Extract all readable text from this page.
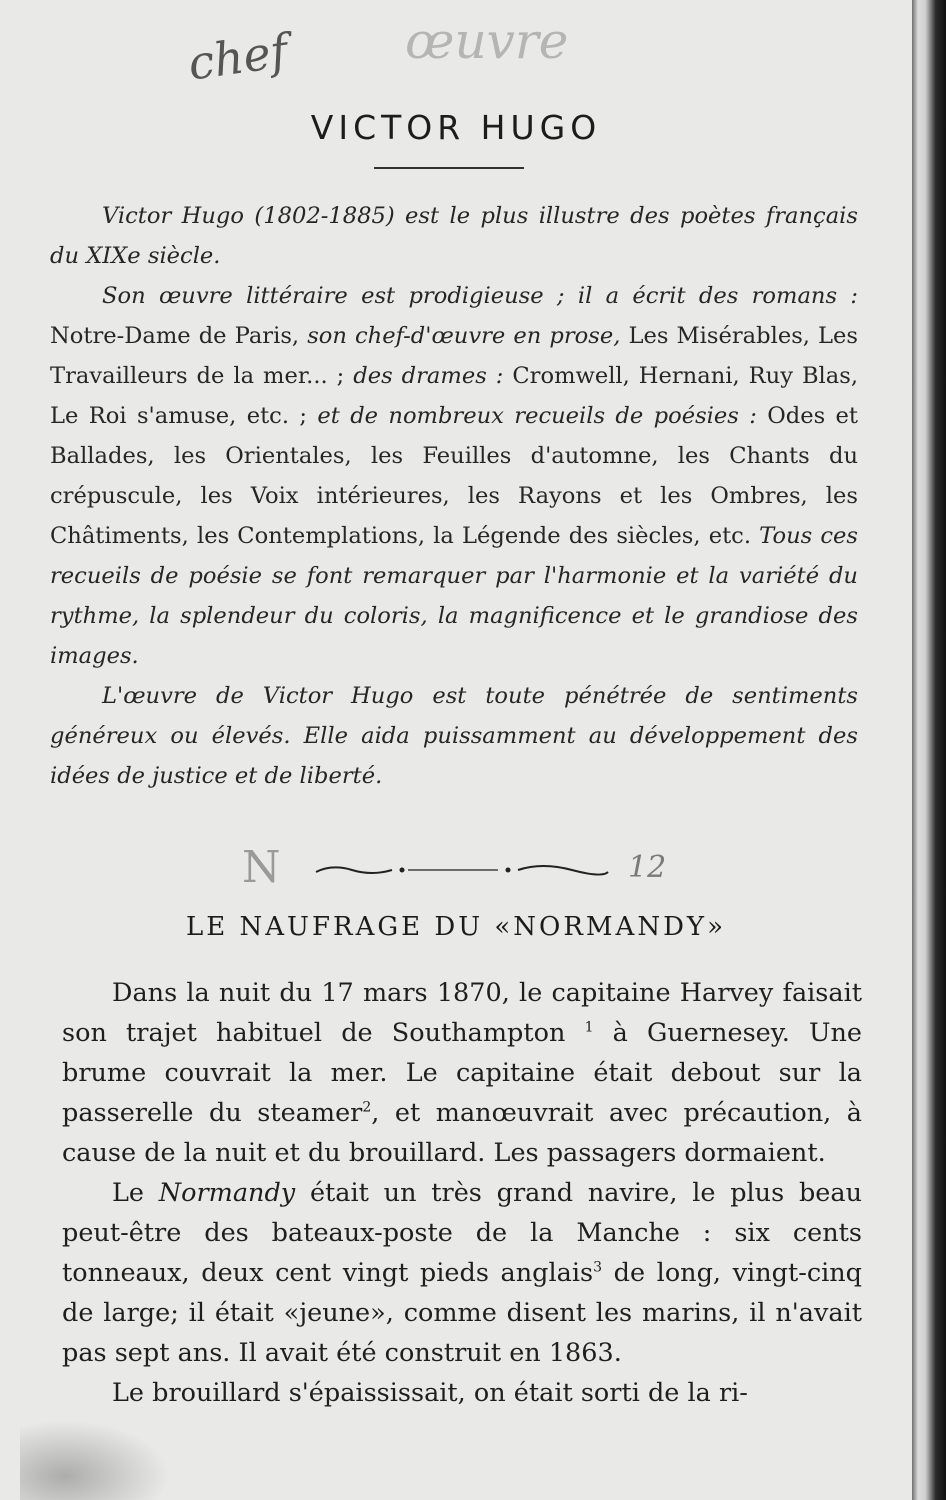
chef œuvre
VICTOR HUGO

Victor Hugo (1802-1885) est le plus illustre des poètes français du XIXe siècle.

Son œuvre littéraire est prodigieuse ; il a écrit des romans : Notre-Dame de Paris, son chef-d'œuvre en prose, Les Misérables, Les Travailleurs de la mer... ; des drames : Cromwell, Hernani, Ruy Blas, Le Roi s'amuse, etc. ; et de nombreux recueils de poésies : Odes et Ballades, les Orientales, les Feuilles d'automne, les Chants du crépuscule, les Voix intérieures, les Rayons et les Ombres, les Châtiments, les Contemplations, la Légende des siècles, etc. Tous ces recueils de poésie se font remarquer par l'harmonie et la variété du rythme, la splendeur du coloris, la magnificence et le grandiose des images.

L'œuvre de Victor Hugo est toute pénétrée de sentiments généreux ou élevés. Elle aida puissamment au développement des idées de justice et de liberté.

N	12
LE NAUFRAGE DU «NORMANDY»

Dans la nuit du 17 mars 1870, le capitaine Harvey faisait son trajet habituel de Southampton $^1$ à Guernesey. Une brume couvrait la mer. Le capitaine était debout sur la passerelle du steamer$^2$, et manœuvrait avec précaution, à cause de la nuit et du brouillard. Les passagers dormaient.

Le Normandy était un très grand navire, le plus beau peut-être des bateaux-poste de la Manche : six cents tonneaux, deux cent vingt pieds anglais$^3$ de long, vingt-cinq de large; il était «jeune», comme disent les marins, il n'avait pas sept ans. Il avait été construit en 1863.

Le brouillard s'épaississait, on était sorti de la ri-
